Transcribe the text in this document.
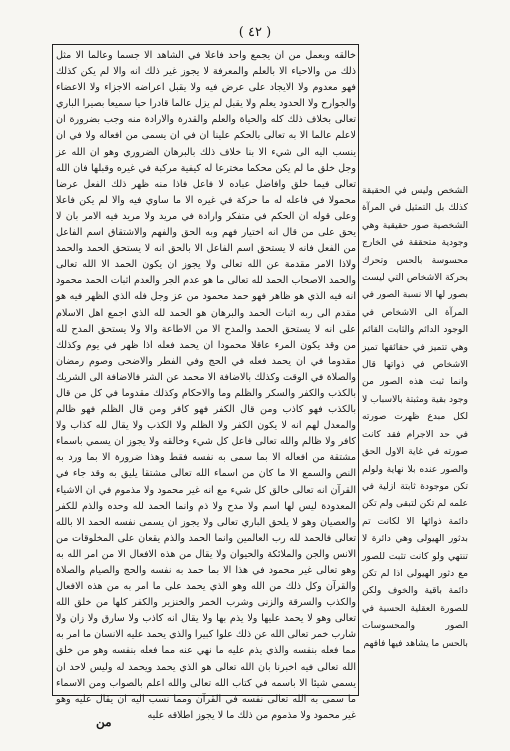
( ٤٢ )

خالقه وبعمل من ان يجمع واحد فاعلا في الشاهد الا جسما وعالما الا مثل ذلك من والاحياء الا بالعلم والمعرفة لا يجوز غير ذلك انه والا لم يكن كذلك فهو معدوم ولا الايجاد على عرض فيه ولا يقبل اعراضه الاجزاء ولا الاعضاء والجوارح ولا الحدود يعلم ولا يقبل لم يزل عالما قادرا حيا سميعا بصيرا الباري تعالى بخلاف ذلك كله والحياة والعلم والقدرة والارادة منه وجب بضرورة ان لاعلم عالما الا به تعالى بالحكم علينا ان في ان يسمى من افعاله ولا في ان ينسب اليه الى شيء الا بنا خلاف ذلك بالبرهان الضروري وهو ان الله عز وجل خلق ما لم يكن محكما مخترعا له كيفية مركبة في غيره وقبلها فان الله تعالى فيما خلق وافاضل عباده لا فاعل فاذا منه ظهر ذلك الفعل عرضا محمولا في فاعله له ما حركة في غيره الا ما ساوي فيه والا لم يكن فاعلا وعلى قوله ان الحكم في متفكر وارادة في مريد ولا مريد فيه الامر بان لا يحق على من قال انه اختيار فهم وبه الحق والفهم والاشتقاق اسم الفاعل من الفعل فانه لا يستحق اسم الفاعل الا بالحق انه لا يستحق الحمد والحمد ولاذا الامر مقدمة عن الله تعالى ولا يجوز ان يكون الحمد الا الله تعالى والحمد الاصحاب الحمد لله تعالى ما هو عدم الجر والعدم اثبات الحمد محمود انه فيه الذي هو ظاهر فهو حمد محمود من عز وجل فله الذي الظهر فيه هو مقدم الى ربه اثبات الحمد والبرهان هو الحمد لله الذي اجمع اهل الاسلام على انه لا يستحق الحمد والمدح الا من الاطاعة والا ولا يستحق المدح لله من وقد يكون المرء عاقلا محمودا ان يحمد فعله اذا ظهر في يوم وكذلك مقدوما في ان يحمد فعله في الحج وفي الفطر والاضحى وصوم رمضان والصلاة في الوقت وكذلك بالاضافة الا محمد عن الشر فالاضافة الى الشريك بالكذب والكفر والسكر والظلم وما والاحكام وكذلك مقدوما في كل من قال بالكذب فهو كاذب ومن قال الكفر فهو كافر ومن قال الظلم فهو ظالم والمعدل لهم انه لا يكون الكفر ولا الظلم ولا الكذب ولا يقال لله كذاب ولا كافر ولا ظالم والله تعالى فاعل كل شيء وخالقه ولا يجوز ان يسمي باسماء مشتقة من افعاله الا بما سمى به نفسه فقط وهذا ضرورة الا بما ورد به النص والسمع الا ما كان من اسماء الله تعالى مشتقا يليق به وقد جاء في القرآن انه تعالى خالق كل شيء مع انه غير محمود ولا مذموم في ان الاشياء المعدودة ليس لها اسم ولا مدح ولا ذم وانما الحمد لله وحده والذم للكفر والعصيان وهو لا يلحق الباري تعالى ولا يجوز ان يسمى نفسه الحمد الا بالله تعالى فالحمد لله رب العالمين وانما الحمد والذم يقعان على المخلوقات من الانس والجن والملائكة والحيوان ولا يقال من هذه الافعال الا من امر الله به وهو تعالى غير محمود في هذا الا بما حمد به نفسه والحج والصيام والصلاة والقرآن وكل ذلك من الله وهو الذي يحمد على ما امر به من هذه الافعال والكذب والسرقة والزنى وشرب الخمر والخنزير والكفر كلها من خلق الله تعالى وهو لا يحمد عليها ولا يذم بها ولا يقال انه كاذب ولا سارق ولا زان ولا شارب خمر تعالى الله عن ذلك علوا كبيرا والذي يحمد عليه الانسان ما امر به مما فعله بنفسه والذي يذم عليه ما نهي عنه مما فعله بنفسه وهو من خلق الله تعالى فيه اخبرنا بان الله تعالى هو الذي يحمد ويحمد له وليس لاحد ان يسمي شيئا الا باسمه في كتاب الله تعالى والله اعلم بالصواب ومن الاسماء ما سمى به الله تعالى نفسه في القرآن ومما نسب اليه ان يقال عليه وهو غير محمود ولا مذموم من ذلك ما لا يجوز اطلاقه عليه

الشخص وليس في الحقيقة كذلك بل التمثيل في المرآة الشخصية صور حقيقية وهي وجودية متحققة في الخارج محسوسة بالحس وتحرك بحركة الاشخاص التي ليست بصور لها الا نسبة الصور في المرآة الى الاشخاص في الوجود الدائم والثابت القائم وهي تتميز في حقائقها تميز الاشخاص في ذواتها قال وانما ثبت هذه الصور من وجود بقية ومثبتة بالاسباب لا لكل مبدع ظهرت صورته في حد الاجرام فقد كانت صورته في غاية الاول الحق والصور عنده بلا نهاية ولولم تكن موجودة ثابتة ازلية في علمه لم تكن لتبقى ولم تكن دائمة ذوائها الا لكانت تم بدثور الهيولى وهي دائرة لا تنتهي ولو كانت تثبت للصور مع دثور الهيولى اذا لم تكن دائمة باقية والخوف ولكن للصورة العقلية الحسية في الصور والمحسوسات بالحس ما يشاهد فيها فافهم

من
